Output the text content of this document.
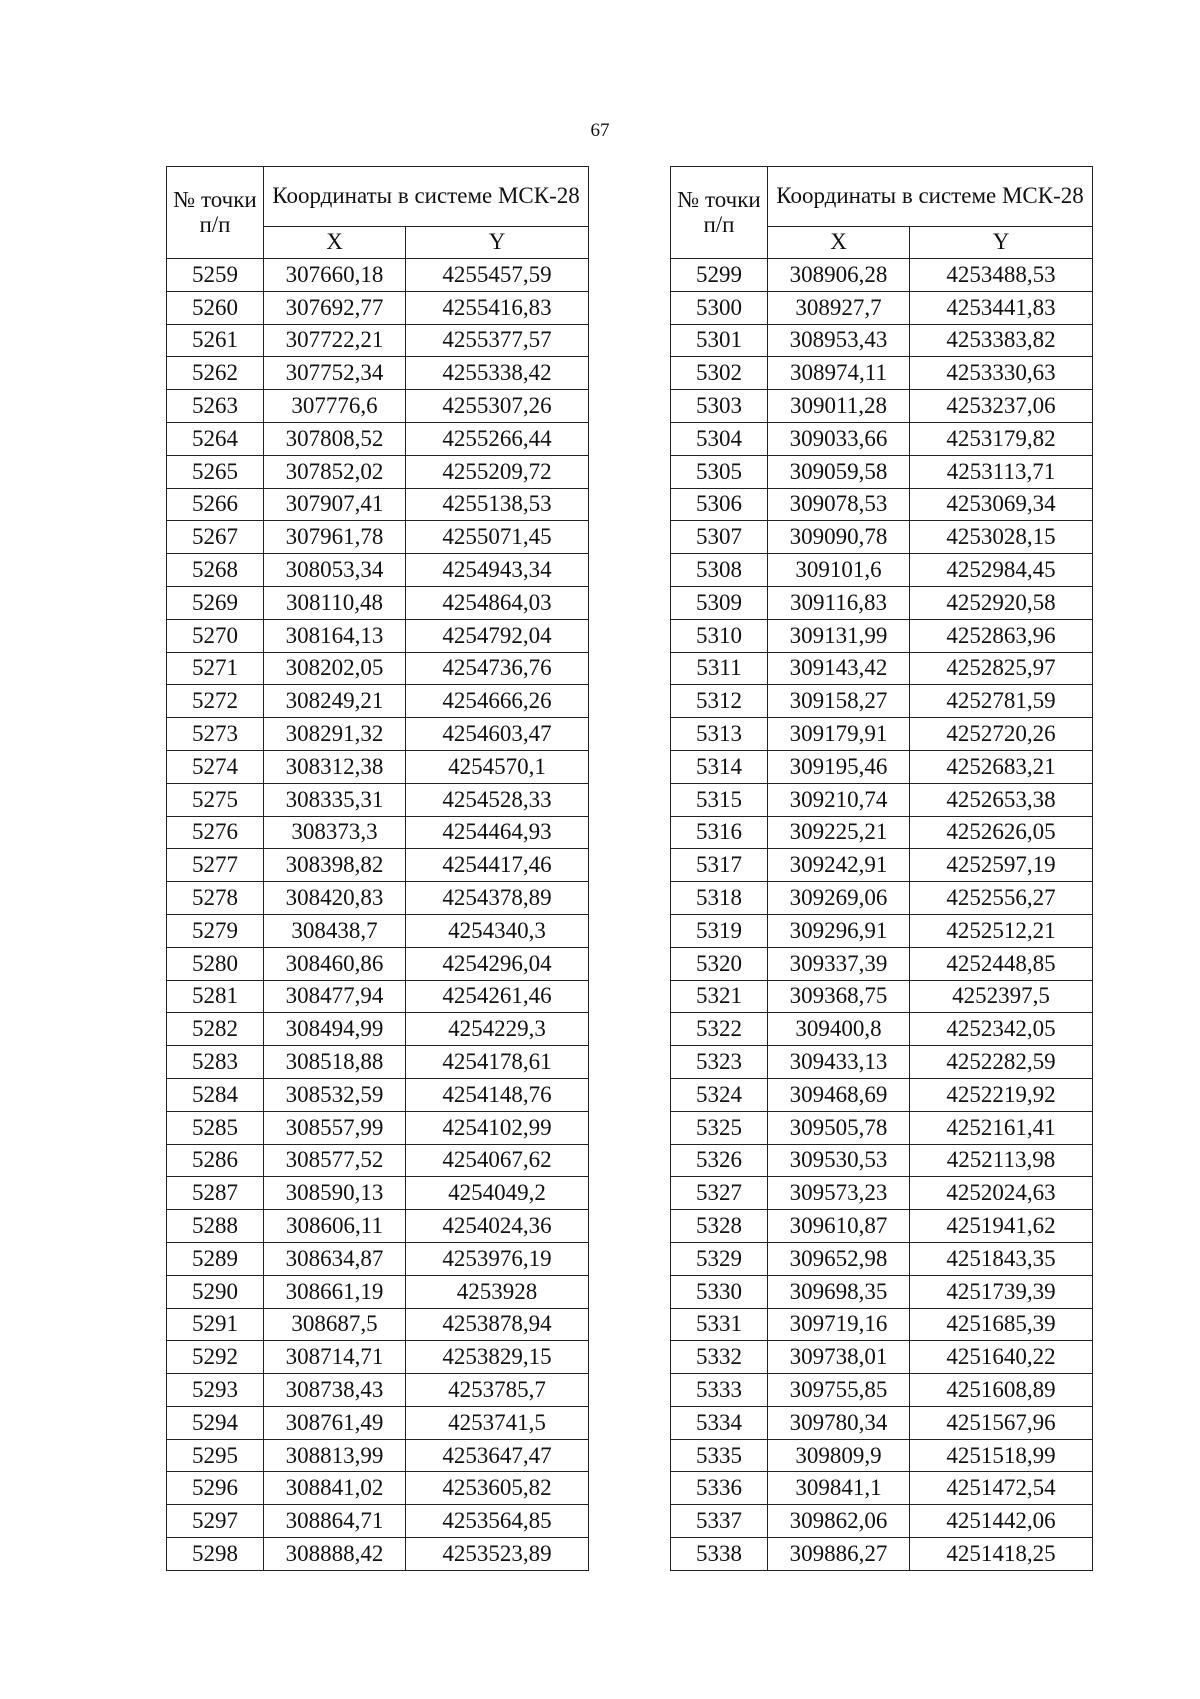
67
№ точки п/п	Координаты в системе МСК-28	
	X	Y
5259	307660,18	4255457,59
5260	307692,77	4255416,83
5261	307722,21	4255377,57
5262	307752,34	4255338,42
5263	307776,6	4255307,26
5264	307808,52	4255266,44
5265	307852,02	4255209,72
5266	307907,41	4255138,53
5267	307961,78	4255071,45
5268	308053,34	4254943,34
5269	308110,48	4254864,03
5270	308164,13	4254792,04
5271	308202,05	4254736,76
5272	308249,21	4254666,26
5273	308291,32	4254603,47
5274	308312,38	4254570,1
5275	308335,31	4254528,33
5276	308373,3	4254464,93
5277	308398,82	4254417,46
5278	308420,83	4254378,89
5279	308438,7	4254340,3
5280	308460,86	4254296,04
5281	308477,94	4254261,46
5282	308494,99	4254229,3
5283	308518,88	4254178,61
5284	308532,59	4254148,76
5285	308557,99	4254102,99
5286	308577,52	4254067,62
5287	308590,13	4254049,2
5288	308606,11	4254024,36
5289	308634,87	4253976,19
5290	308661,19	4253928
5291	308687,5	4253878,94
5292	308714,71	4253829,15
5293	308738,43	4253785,7
5294	308761,49	4253741,5
5295	308813,99	4253647,47
5296	308841,02	4253605,82
5297	308864,71	4253564,85
5298	308888,42	4253523,89
№ точки п/п	Координаты в системе МСК-28	
	X	Y
5299	308906,28	4253488,53
5300	308927,7	4253441,83
5301	308953,43	4253383,82
5302	308974,11	4253330,63
5303	309011,28	4253237,06
5304	309033,66	4253179,82
5305	309059,58	4253113,71
5306	309078,53	4253069,34
5307	309090,78	4253028,15
5308	309101,6	4252984,45
5309	309116,83	4252920,58
5310	309131,99	4252863,96
5311	309143,42	4252825,97
5312	309158,27	4252781,59
5313	309179,91	4252720,26
5314	309195,46	4252683,21
5315	309210,74	4252653,38
5316	309225,21	4252626,05
5317	309242,91	4252597,19
5318	309269,06	4252556,27
5319	309296,91	4252512,21
5320	309337,39	4252448,85
5321	309368,75	4252397,5
5322	309400,8	4252342,05
5323	309433,13	4252282,59
5324	309468,69	4252219,92
5325	309505,78	4252161,41
5326	309530,53	4252113,98
5327	309573,23	4252024,63
5328	309610,87	4251941,62
5329	309652,98	4251843,35
5330	309698,35	4251739,39
5331	309719,16	4251685,39
5332	309738,01	4251640,22
5333	309755,85	4251608,89
5334	309780,34	4251567,96
5335	309809,9	4251518,99
5336	309841,1	4251472,54
5337	309862,06	4251442,06
5338	309886,27	4251418,25
